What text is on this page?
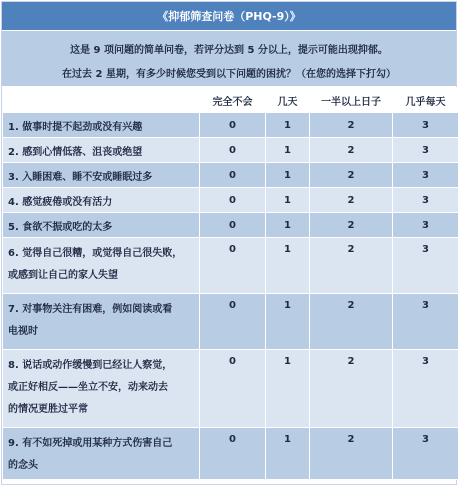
《抑郁筛查问卷（PHQ-9）》
这是 9 项问题的简单问卷，若评分达到 5 分以上，提示可能出现抑郁。
在过去 2 星期，有多少时候您受到以下问题的困扰？（在您的选择下打勾）
	完全不会	几天	一半以上日子	几乎每天

1. 做事时提不起劲或没有兴趣	0	1	2	3

2. 感到心情低落、沮丧或绝望	0	1	2	3

3. 入睡困难、睡不安或睡眠过多	0	1	2	3

4. 感觉疲倦或没有活力	0	1	2	3

5. 食欲不振或吃的太多	0	1	2	3

6. 觉得自己很糟，或觉得自己很失败，
或感到让自己的家人失望	0	1	2	3

7. 对事物关注有困难，例如阅读或看
电视时	0	1	2	3

8. 说话或动作缓慢到已经让人察觉，
或正好相反——坐立不安，动来动去
的情况更胜过平常	0	1	2	3

9. 有不如死掉或用某种方式伤害自己
的念头	0	1	2	3
